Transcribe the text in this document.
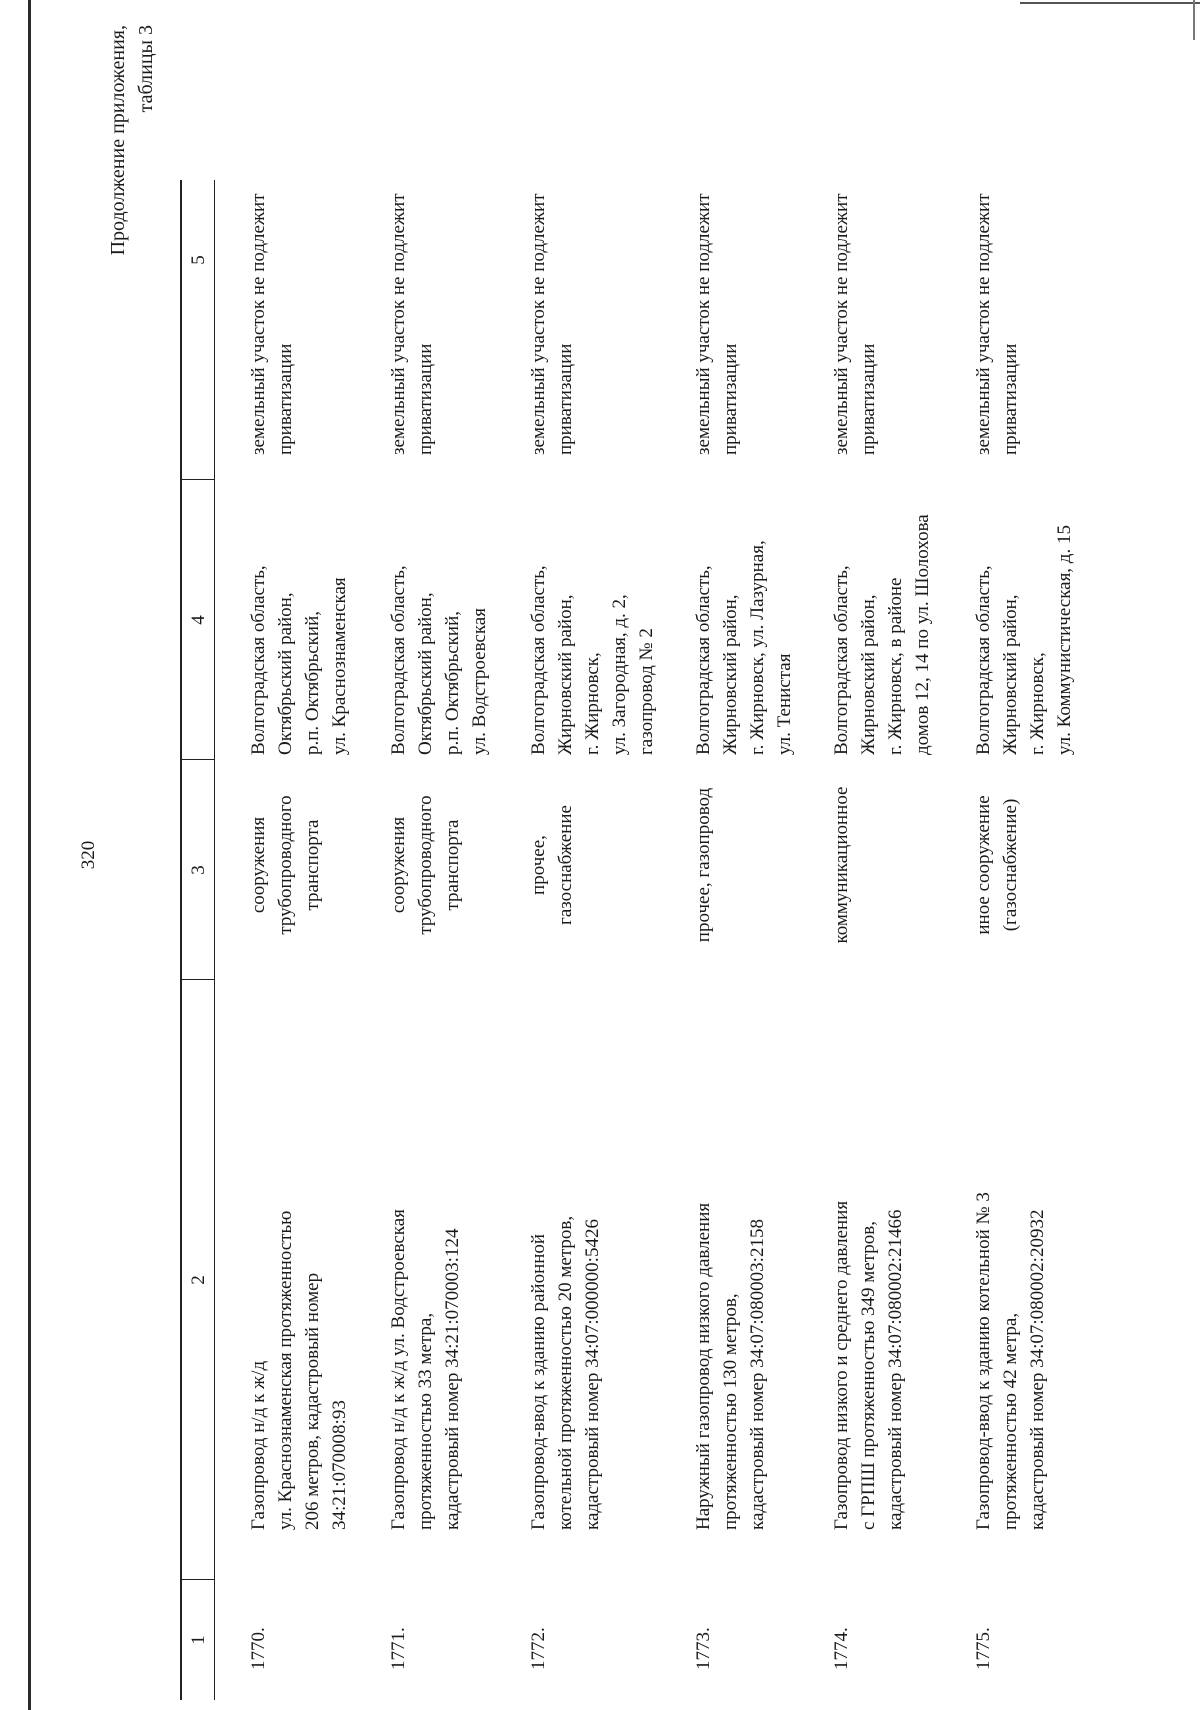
320
Продолжение приложения, таблицы 3
1
2
3
4
5
1770.
Газопровод н/д к ж/д ул. Краснознаменская протяженностью 206 метров, кадастровый номер 34:21:070008:93
сооружения трубопроводного транспорта
Волгоградская область, Октябрьский район, р.п. Октябрьский, ул. Краснознаменская
земельный участок не подлежит приватизации
1771.
Газопровод н/д к ж/д ул. Водстроевская протяженностью 33 метра, кадастровый номер 34:21:070003:124
сооружения трубопроводного транспорта
Волгоградская область, Октябрьский район, р.п. Октябрьский, ул. Водстроевская
земельный участок не подлежит приватизации
1772.
Газопровод-ввод к зданию районной котельной протяженностью 20 метров, кадастровый номер 34:07:000000:5426
прочее, газоснабжение
Волгоградская область, Жирновский район, г. Жирновск, ул. Загородная, д. 2, газопровод № 2
земельный участок не подлежит приватизации
1773.
Наружный газопровод низкого давления протяженностью 130 метров, кадастровый номер 34:07:080003:2158
прочее, газопровод
Волгоградская область, Жирновский район, г. Жирновск, ул. Лазурная, ул. Тенистая
земельный участок не подлежит приватизации
1774.
Газопровод низкого и среднего давления с ГРПШ протяженностью 349 метров, кадастровый номер 34:07:080002:21466
коммуникационное
Волгоградская область, Жирновский район, г. Жирновск, в районе домов 12, 14 по ул. Шолохова
земельный участок не подлежит приватизации
1775.
Газопровод-ввод к зданию котельной № 3 протяженностью 42 метра, кадастровый номер 34:07:080002:20932
иное сооружение (газоснабжение)
Волгоградская область, Жирновский район, г. Жирновск, ул. Коммунистическая, д. 15
земельный участок не подлежит приватизации
